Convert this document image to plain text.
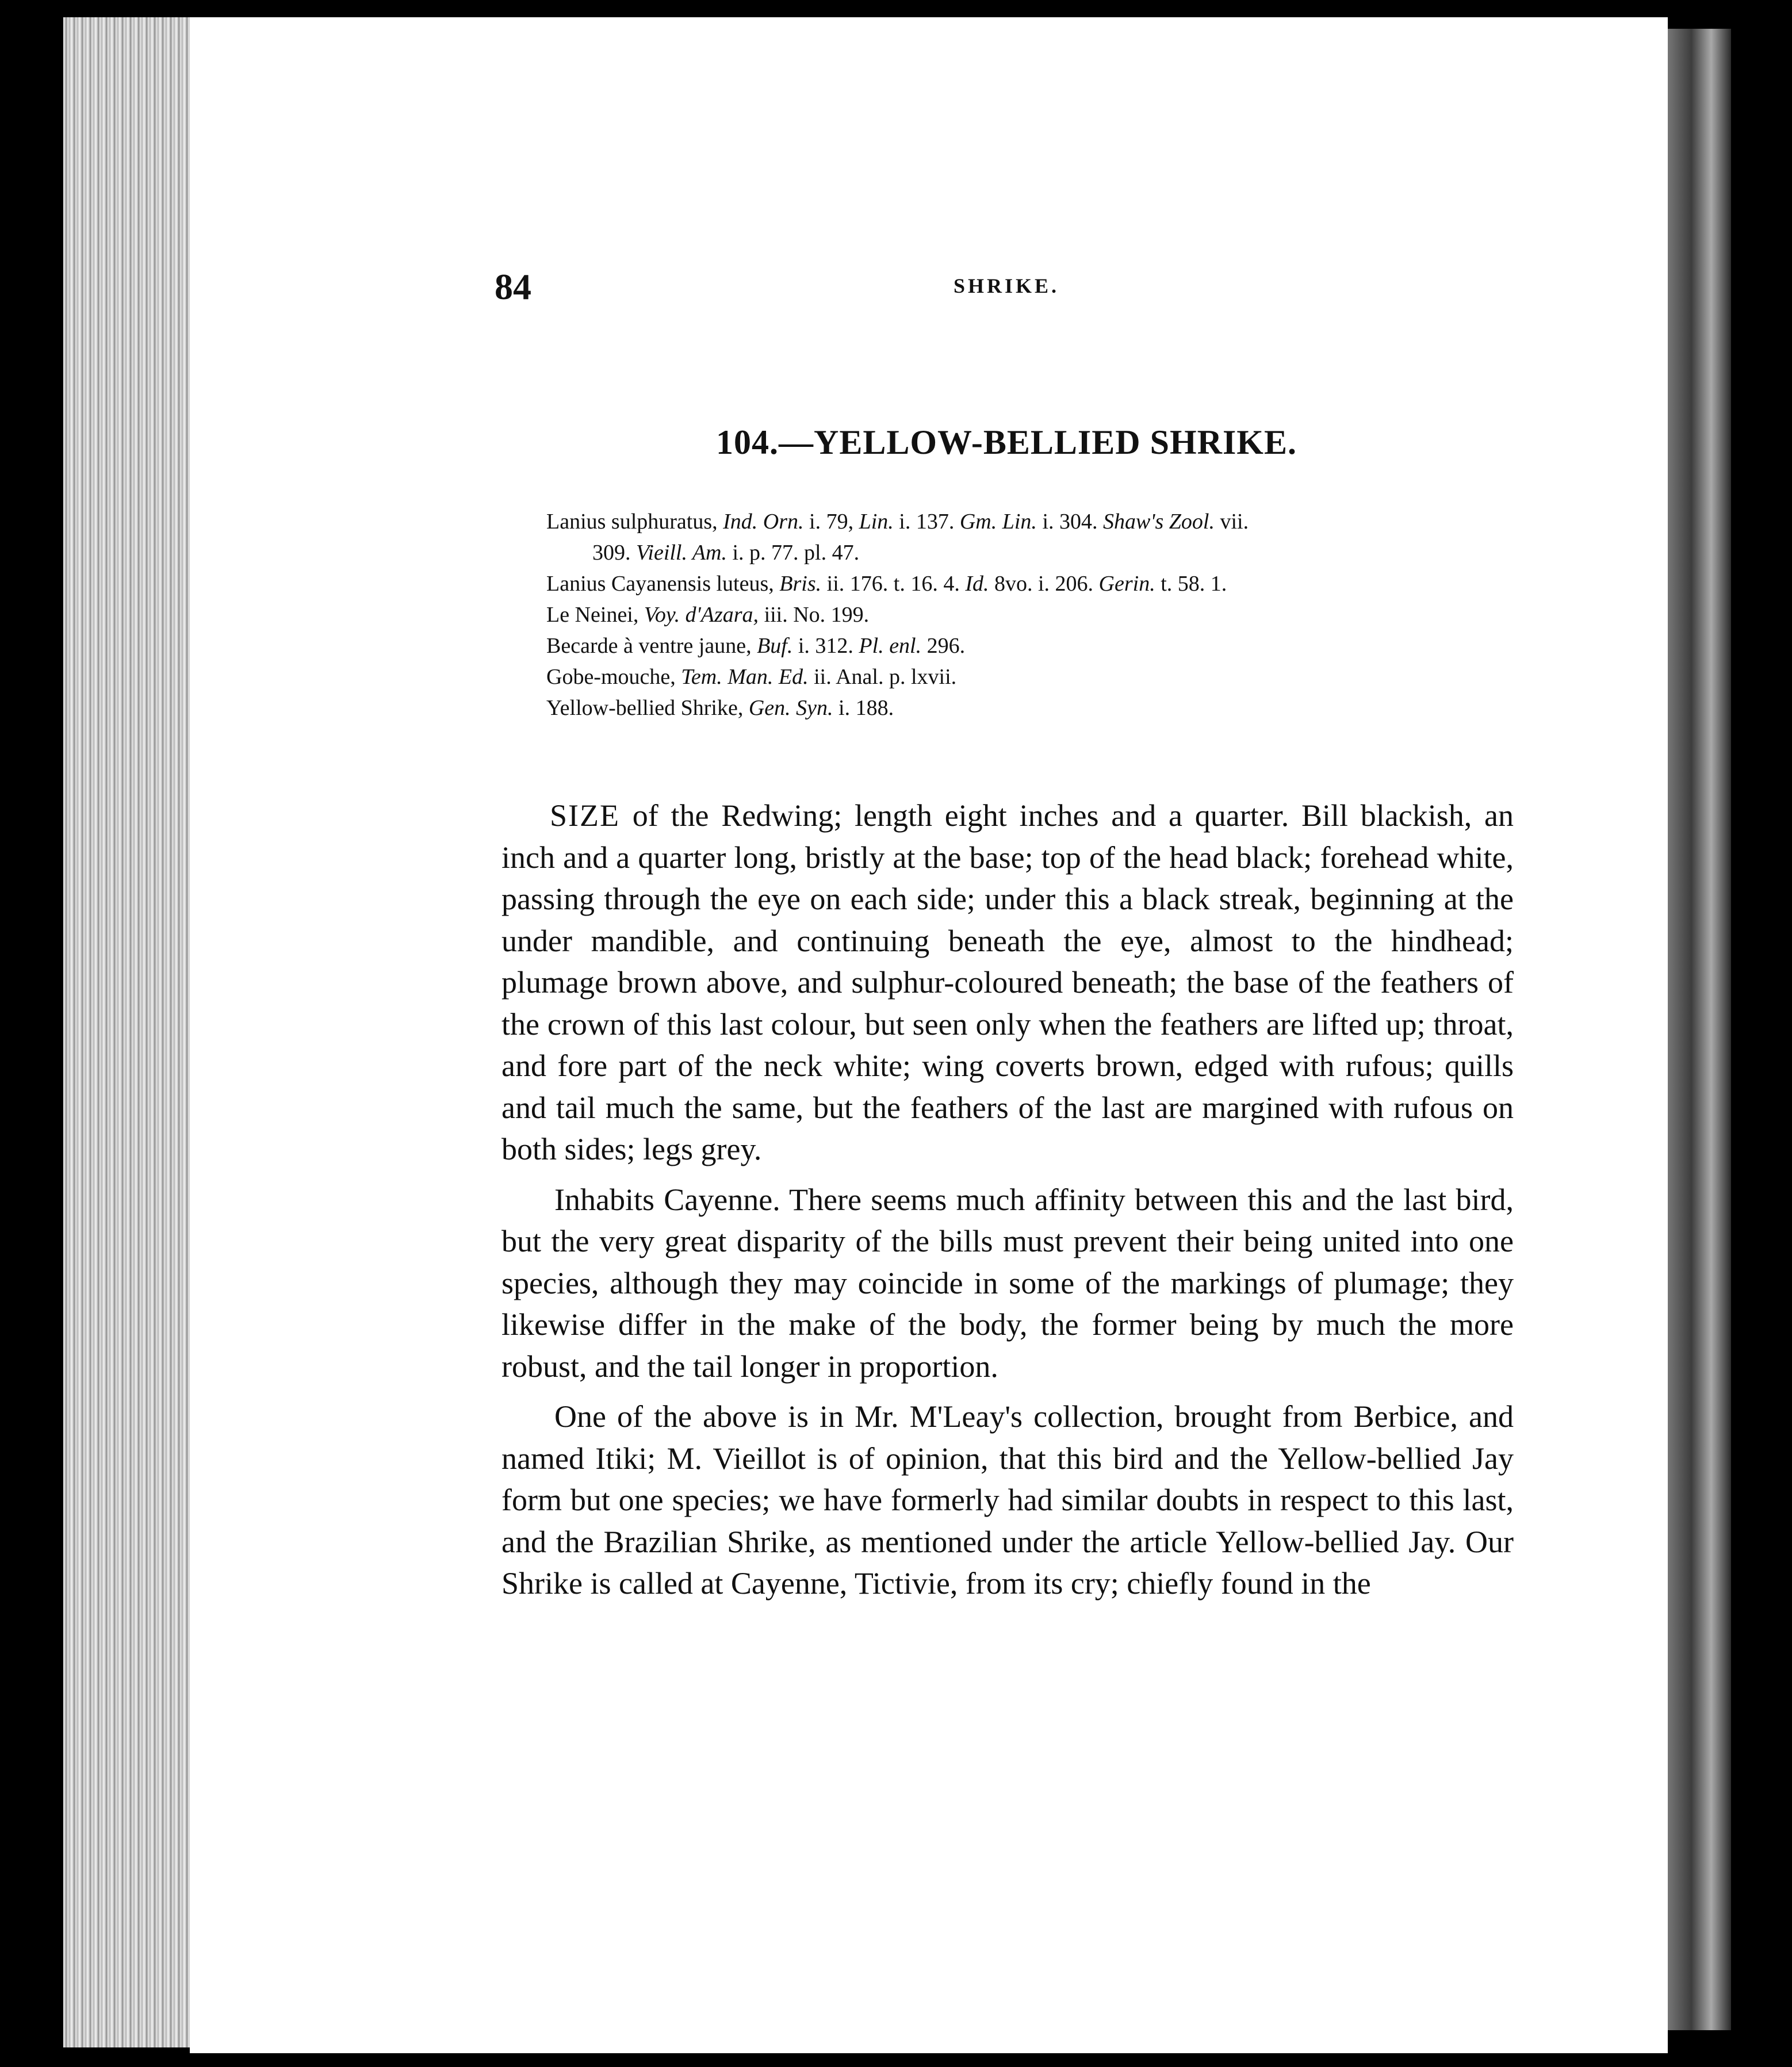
84	SHRIKE.
104.—YELLOW-BELLIED SHRIKE.
Lanius sulphuratus, Ind. Orn. i. 79, Lin. i. 137. Gm. Lin. i. 304. Shaw's Zool. vii.
309. Vieill. Am. i. p. 77. pl. 47.
Lanius Cayanensis luteus, Bris. ii. 176. t. 16. 4. Id. 8vo. i. 206. Gerin. t. 58. 1.
Le Neinei, Voy. d'Azara, iii. No. 199.
Becarde à ventre jaune, Buf. i. 312. Pl. enl. 296.
Gobe-mouche, Tem. Man. Ed. ii. Anal. p. lxvii.
Yellow-bellied Shrike, Gen. Syn. i. 188.

SIZE of the Redwing; length eight inches and a quarter. Bill blackish, an inch and a quarter long, bristly at the base; top of the head black; forehead white, passing through the eye on each side; under this a black streak, beginning at the under mandible, and continuing beneath the eye, almost to the hindhead; plumage brown above, and sulphur-coloured beneath; the base of the feathers of the crown of this last colour, but seen only when the feathers are lifted up; throat, and fore part of the neck white; wing coverts brown, edged with rufous; quills and tail much the same, but the feathers of the last are margined with rufous on both sides; legs grey.

Inhabits Cayenne. There seems much affinity between this and the last bird, but the very great disparity of the bills must prevent their being united into one species, although they may coincide in some of the markings of plumage; they likewise differ in the make of the body, the former being by much the more robust, and the tail longer in proportion.

One of the above is in Mr. M'Leay's collection, brought from Berbice, and named Itiki; M. Vieillot is of opinion, that this bird and the Yellow-bellied Jay form but one species; we have formerly had similar doubts in respect to this last, and the Brazilian Shrike, as mentioned under the article Yellow-bellied Jay. Our Shrike is called at Cayenne, Tictivie, from its cry; chiefly found in the
